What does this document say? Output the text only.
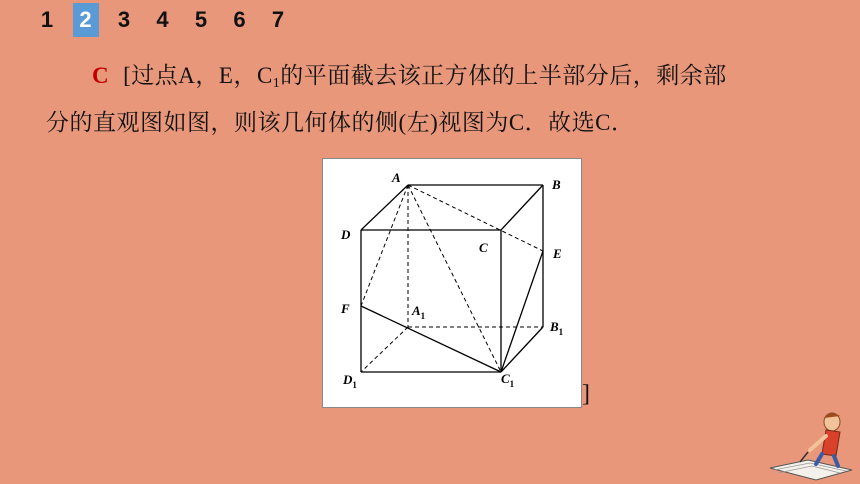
1	2	3	4	5	6	7
C [过点A，E，$C_1$的平面截去该正方体的上半部分后，剩余部
分的直观图如图，则该几何体的侧(左)视图为C．故选C．
A	B
C
D
E
F	$A_1$
$B_1$
$C_1$
$D_1$	]
